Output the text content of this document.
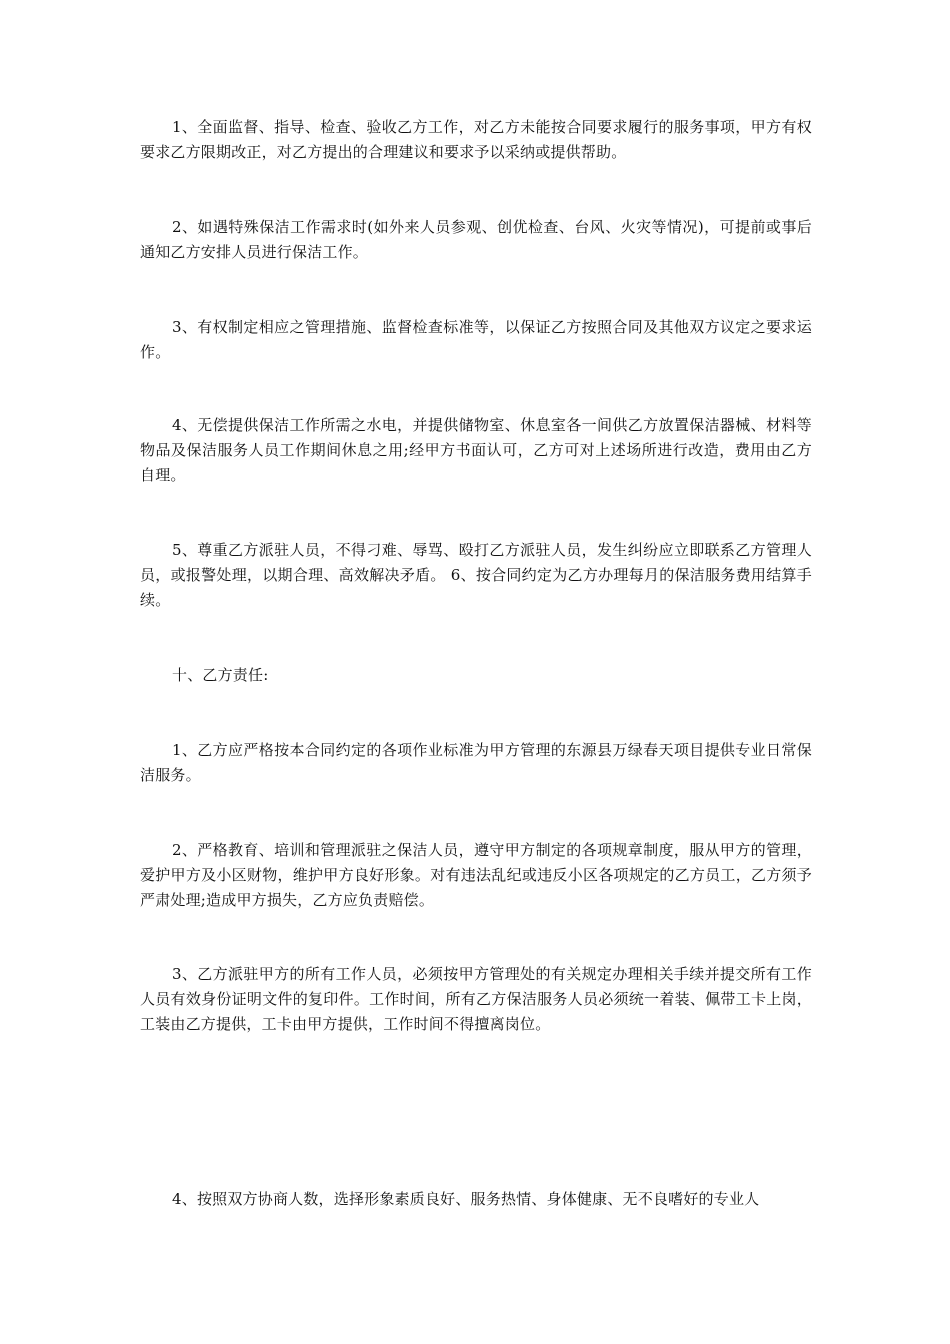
1、全面监督、指导、检查、验收乙方工作，对乙方未能按合同要求履行的服务事项，甲方有权要求乙方限期改正，对乙方提出的合理建议和要求予以采纳或提供帮助。

2、如遇特殊保洁工作需求时(如外来人员参观、创优检查、台风、火灾等情况)，可提前或事后通知乙方安排人员进行保洁工作。

3、有权制定相应之管理措施、监督检查标准等，以保证乙方按照合同及其他双方议定之要求运作。

4、无偿提供保洁工作所需之水电，并提供储物室、休息室各一间供乙方放置保洁器械、材料等物品及保洁服务人员工作期间休息之用;经甲方书面认可，乙方可对上述场所进行改造，费用由乙方自理。

5、尊重乙方派驻人员，不得刁难、辱骂、殴打乙方派驻人员，发生纠纷应立即联系乙方管理人员，或报警处理，以期合理、高效解决矛盾。 6、按合同约定为乙方办理每月的保洁服务费用结算手续。

十、乙方责任:

1、乙方应严格按本合同约定的各项作业标准为甲方管理的东源县万绿春天项目提供专业日常保洁服务。

2、严格教育、培训和管理派驻之保洁人员，遵守甲方制定的各项规章制度，服从甲方的管理，爱护甲方及小区财物，维护甲方良好形象。对有违法乱纪或违反小区各项规定的乙方员工，乙方须予严肃处理;造成甲方损失，乙方应负责赔偿。

3、乙方派驻甲方的所有工作人员，必须按甲方管理处的有关规定办理相关手续并提交所有工作人员有效身份证明文件的复印件。工作时间，所有乙方保洁服务人员必须统一着装、佩带工卡上岗，工装由乙方提供，工卡由甲方提供，工作时间不得擅离岗位。

4、按照双方协商人数，选择形象素质良好、服务热情、身体健康、无不良嗜好的专业人
